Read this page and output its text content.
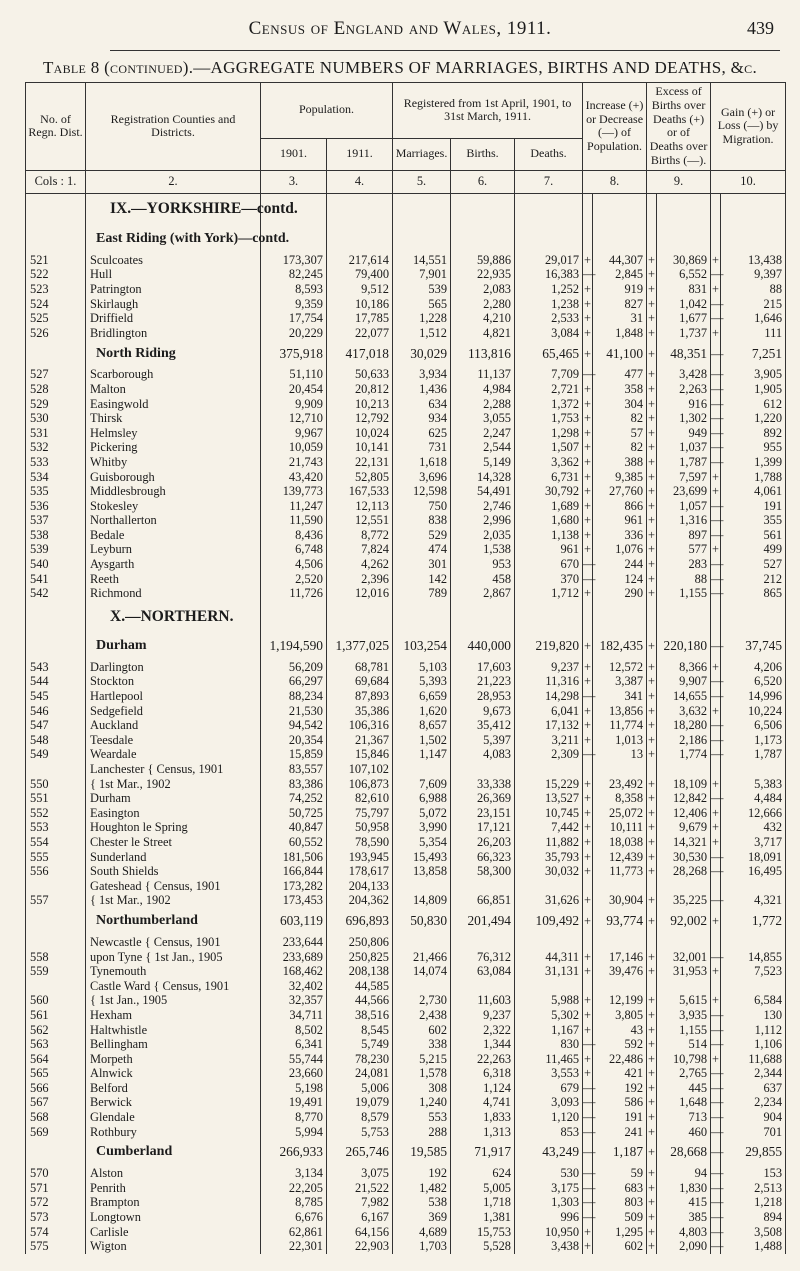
Census of England and Wales, 1911.	439
Table 8 (continued).—AGGREGATE NUMBERS OF MARRIAGES, BIRTHS AND DEATHS, &c.
No. of Regn. Dist.	Registration Counties and Districts.	Population.		Registered from 1st April, 1901, to 31st March, 1911.			Increase (+) or Decrease (—) of Population.		Excess of Births over Deaths (+) or of Deaths over Births (—).		Gain (+) or Loss (—) by Migration.	
		1901.	1911.	Marriages.	Births.	Deaths.						
Cols : 1.	2.	3.	4.	5.	6.	7.	8.		9.		10.	
	IX.—YORKSHIRE—contd.											
	East Riding (with York)—contd.											
521	Sculcoates	173,307	217,614	14,551	59,886	29,017	+	44,307	+	30,869	+	13,438
522	Hull	82,245	79,400	7,901	22,935	16,383	—	2,845	+	6,552	—	9,397
523	Patrington	8,593	9,512	539	2,083	1,252	+	919	+	831	+	88
524	Skirlaugh	9,359	10,186	565	2,280	1,238	+	827	+	1,042	—	215
525	Driffield	17,754	17,785	1,228	4,210	2,533	+	31	+	1,677	—	1,646
526	Bridlington	20,229	22,077	1,512	4,821	3,084	+	1,848	+	1,737	+	111
	North Riding	375,918	417,018	30,029	113,816	65,465	+	41,100	+	48,351	—	7,251
527	Scarborough	51,110	50,633	3,934	11,137	7,709	—	477	+	3,428	—	3,905
528	Malton	20,454	20,812	1,436	4,984	2,721	+	358	+	2,263	—	1,905
529	Easingwold	9,909	10,213	634	2,288	1,372	+	304	+	916	—	612
530	Thirsk	12,710	12,792	934	3,055	1,753	+	82	+	1,302	—	1,220
531	Helmsley	9,967	10,024	625	2,247	1,298	+	57	+	949	—	892
532	Pickering	10,059	10,141	731	2,544	1,507	+	82	+	1,037	—	955
533	Whitby	21,743	22,131	1,618	5,149	3,362	+	388	+	1,787	—	1,399
534	Guisborough	43,420	52,805	3,696	14,328	6,731	+	9,385	+	7,597	+	1,788
535	Middlesbrough	139,773	167,533	12,598	54,491	30,792	+	27,760	+	23,699	+	4,061
536	Stokesley	11,247	12,113	750	2,746	1,689	+	866	+	1,057	—	191
537	Northallerton	11,590	12,551	838	2,996	1,680	+	961	+	1,316	—	355
538	Bedale	8,436	8,772	529	2,035	1,138	+	336	+	897	—	561
539	Leyburn	6,748	7,824	474	1,538	961	+	1,076	+	577	+	499
540	Aysgarth	4,506	4,262	301	953	670	—	244	+	283	—	527
541	Reeth	2,520	2,396	142	458	370	—	124	+	88	—	212
542	Richmond	11,726	12,016	789	2,867	1,712	+	290	+	1,155	—	865
	X.—NORTHERN.											
	Durham	1,194,590	1,377,025	103,254	440,000	219,820	+	182,435	+	220,180	—	37,745
543	Darlington	56,209	68,781	5,103	17,603	9,237	+	12,572	+	8,366	+	4,206
544	Stockton	66,297	69,684	5,393	21,223	11,316	+	3,387	+	9,907	—	6,520
545	Hartlepool	88,234	87,893	6,659	28,953	14,298	—	341	+	14,655	—	14,996
546	Sedgefield	21,530	35,386	1,620	9,673	6,041	+	13,856	+	3,632	+	10,224
547	Auckland	94,542	106,316	8,657	35,412	17,132	+	11,774	+	18,280	—	6,506
548	Teesdale	20,354	21,367	1,502	5,397	3,211	+	1,013	+	2,186	—	1,173
549	Weardale	15,859	15,846	1,147	4,083	2,309	—	13	+	1,774	—	1,787
	Lanchester { Census, 1901	83,557	107,102									
550	{ 1st Mar., 1902	83,386	106,873	7,609	33,338	15,229	+	23,492	+	18,109	+	5,383
551	Durham	74,252	82,610	6,988	26,369	13,527	+	8,358	+	12,842	—	4,484
552	Easington	50,725	75,797	5,072	23,151	10,745	+	25,072	+	12,406	+	12,666
553	Houghton le Spring	40,847	50,958	3,990	17,121	7,442	+	10,111	+	9,679	+	432
554	Chester le Street	60,552	78,590	5,354	26,203	11,882	+	18,038	+	14,321	+	3,717
555	Sunderland	181,506	193,945	15,493	66,323	35,793	+	12,439	+	30,530	—	18,091
556	South Shields	166,844	178,617	13,858	58,300	30,032	+	11,773	+	28,268	—	16,495
	Gateshead { Census, 1901	173,282	204,133									
557	{ 1st Mar., 1902	173,453	204,362	14,809	66,851	31,626	+	30,904	+	35,225	—	4,321
	Northumberland	603,119	696,893	50,830	201,494	109,492	+	93,774	+	92,002	+	1,772
	Newcastle { Census, 1901	233,644	250,806									
558	upon Tyne { 1st Jan., 1905	233,689	250,825	21,466	76,312	44,311	+	17,146	+	32,001	—	14,855
559	Tynemouth	168,462	208,138	14,074	63,084	31,131	+	39,476	+	31,953	+	7,523
	Castle Ward { Census, 1901	32,402	44,585									
560	{ 1st Jan., 1905	32,357	44,566	2,730	11,603	5,988	+	12,199	+	5,615	+	6,584
561	Hexham	34,711	38,516	2,438	9,237	5,302	+	3,805	+	3,935	—	130
562	Haltwhistle	8,502	8,545	602	2,322	1,167	+	43	+	1,155	—	1,112
563	Bellingham	6,341	5,749	338	1,344	830	—	592	+	514	—	1,106
564	Morpeth	55,744	78,230	5,215	22,263	11,465	+	22,486	+	10,798	+	11,688
565	Alnwick	23,660	24,081	1,578	6,318	3,553	+	421	+	2,765	—	2,344
566	Belford	5,198	5,006	308	1,124	679	—	192	+	445	—	637
567	Berwick	19,491	19,079	1,240	4,741	3,093	—	586	+	1,648	—	2,234
568	Glendale	8,770	8,579	553	1,833	1,120	—	191	+	713	—	904
569	Rothbury	5,994	5,753	288	1,313	853	—	241	+	460	—	701
	Cumberland	266,933	265,746	19,585	71,917	43,249	—	1,187	+	28,668	—	29,855
570	Alston	3,134	3,075	192	624	530	—	59	+	94	—	153
571	Penrith	22,205	21,522	1,482	5,005	3,175	—	683	+	1,830	—	2,513
572	Brampton	8,785	7,982	538	1,718	1,303	—	803	+	415	—	1,218
573	Longtown	6,676	6,167	369	1,381	996	—	509	+	385	—	894
574	Carlisle	62,861	64,156	4,689	15,753	10,950	+	1,295	+	4,803	—	3,508
575	Wigton	22,301	22,903	1,703	5,528	3,438	+	602	+	2,090	—	1,488
